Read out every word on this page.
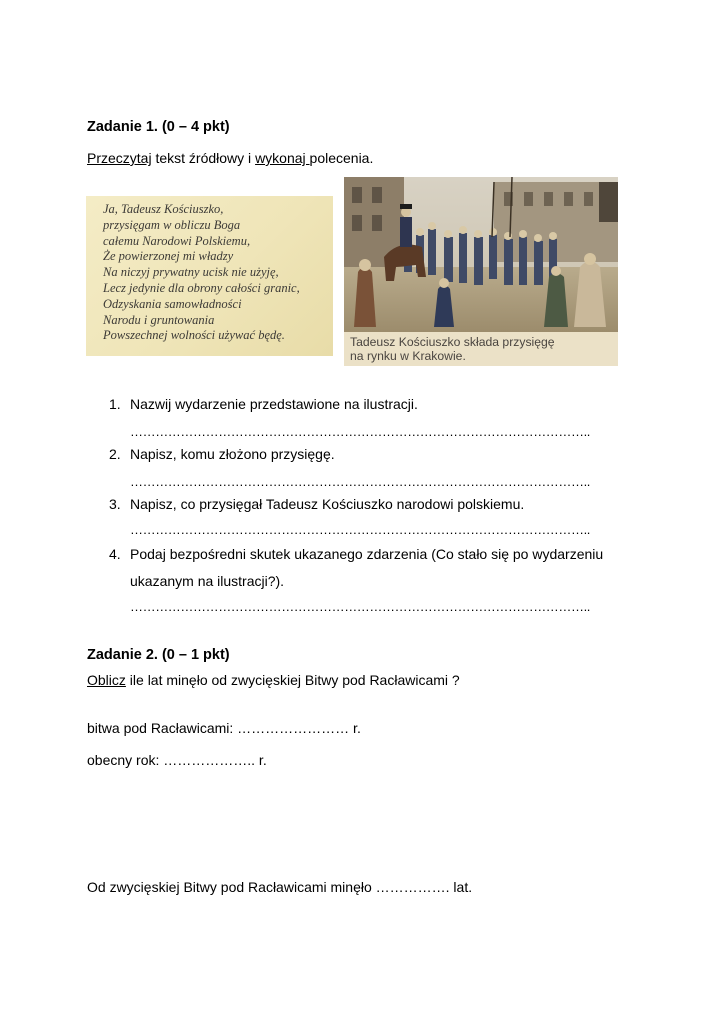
Zadanie 1. (0 – 4 pkt)
Przeczytaj tekst źródłowy i wykonaj polecenia.
Ja, Tadeusz Kościuszko,
przysięgam w obliczu Boga
całemu Narodowi Polskiemu,
Że powierzonej mi władzy
Na niczyj prywatny ucisk nie użyję,
Lecz jedynie dla obrony całości granic,
Odzyskania samowładności
Narodu i gruntowania
Powszechnej wolności używać będę.	Tadeusz Kościuszko składa przysięgę
na rynku w Krakowie.
1. Nazwij wydarzenie przedstawione na ilustracji.
………………………………………………………………………………………………..
2. Napisz, komu złożono przysięgę.
………………………………………………………………………………………………..
3. Napisz, co przysięgał Tadeusz Kościuszko narodowi polskiemu.
………………………………………………………………………………………………..
4. Podaj bezpośredni skutek ukazanego zdarzenia (Co stało się po wydarzeniu
ukazanym na ilustracji?).
………………………………………………………………………………………………..
Zadanie 2. (0 – 1 pkt)
Oblicz ile lat minęło od zwycięskiej Bitwy pod Racławicami ?
bitwa pod Racławicami: …………………… r.
obecny rok: ……………….. r.
Od zwycięskiej Bitwy pod Racławicami minęło ……………. lat.
